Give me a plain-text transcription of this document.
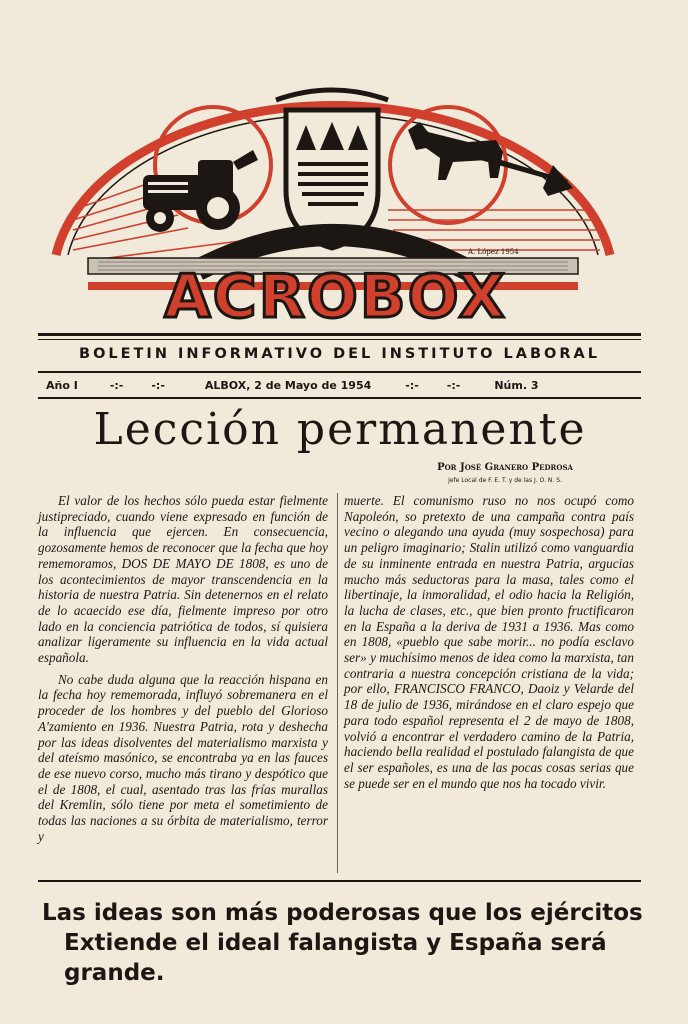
A. López 1954
ACROBOX
BOLETIN INFORMATIVO DEL INSTITUTO LABORAL
Año I	-:-	-:-	ALBOX, 2 de Mayo de 1954	-:-	-:-	Núm. 3
Lección permanente
Por José Granero Pedrosa
Jefe Local de F. E. T. y de las J. O. N. S.

El valor de los hechos sólo pueda estar fielmente justipreciado, cuando viene expresado en función de la influencia que ejercen. En consecuencia, gozosamente hemos de reconocer que la fecha que hoy rememoramos, DOS DE MAYO DE 1808, es uno de los acontecimientos de mayor transcendencia en la historia de nuestra Patria. Sin detenernos en el relato de lo acaecido ese día, fielmente impreso por otro lado en la conciencia patriótica de todos, sí quisiera analizar ligeramente su influencia en la vida actual española.

No cabe duda alguna que la reacción hispana en la fecha hoy rememorada, influyó sobremanera en el proceder de los hombres y del pueblo del Glorioso A'zamiento en 1936. Nuestra Patria, rota y deshecha por las ideas disolventes del materialismo marxista y del ateísmo masónico, se encontraba ya en las fauces de ese nuevo corso, mucho más tirano y despótico que el de 1808, el cual, asentado tras las frías murallas del Kremlin, sólo tiene por meta el sometimiento de todas las naciones a su órbita de materialismo, terror y

muerte. El comunismo ruso no nos ocupó como Napoleón, so pretexto de una campaña contra país vecino o alegando una ayuda (muy sospechosa) para un peligro imaginario; Stalin utilizó como vanguardia de su inminente entrada en nuestra Patria, argucias mucho más seductoras para la masa, tales como el libertinaje, la inmoralidad, el odio hacia la Religión, la lucha de clases, etc., que bien pronto fructificaron en la España a la deriva de 1931 a 1936. Mas como en 1808, «pueblo que sabe morir... no podía esclavo ser» y muchísimo menos de idea como la marxista, tan contraria a nuestra concepción cristiana de la vida; por ello, FRANCISCO FRANCO, Daoiz y Velarde del 18 de julio de 1936, mirándose en el claro espejo que para todo español representa el 2 de mayo de 1808, volvió a encontrar el verdadero camino de la Patria, haciendo bella realidad el postulado falangista de que el ser españoles, es una de las pocas cosas serias que se puede ser en el mundo que nos ha tocado vivir.

Las ideas son más poderosas que los ejércitos
Extiende el ideal falangista y España será
grande.
